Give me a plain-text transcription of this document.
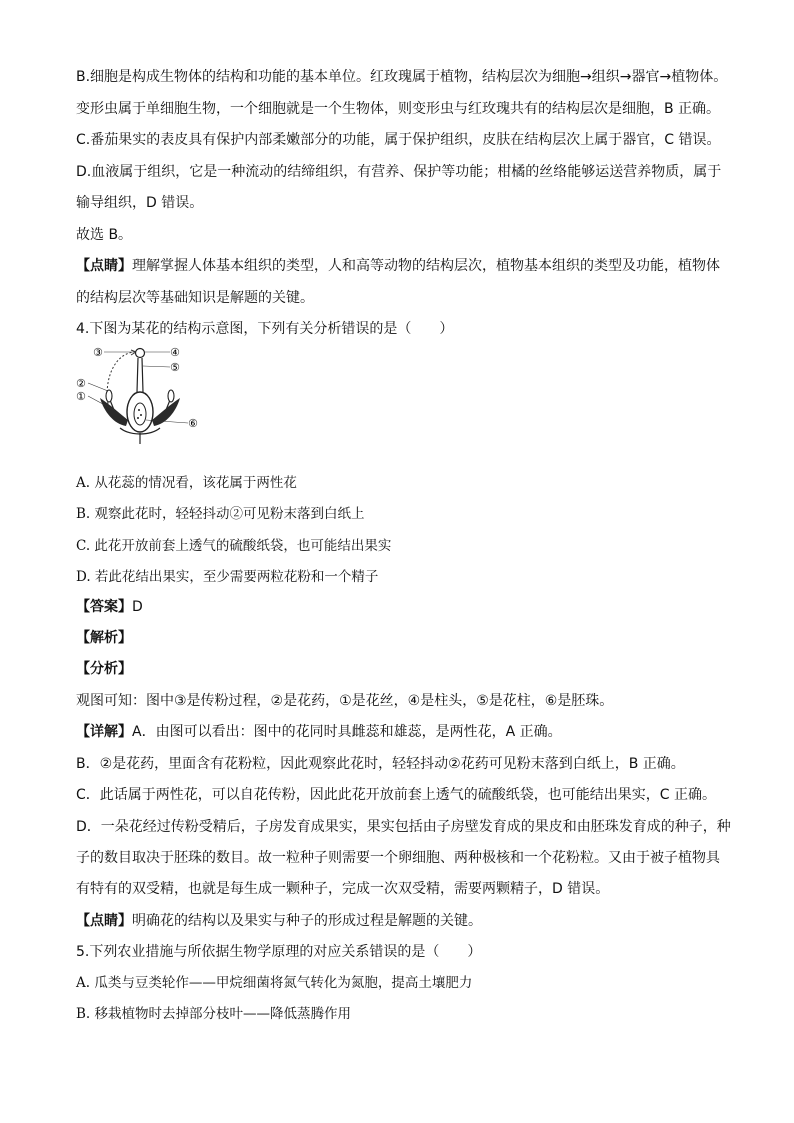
B.细胞是构成生物体的结构和功能的基本单位。红玫瑰属于植物，结构层次为细胞→组织→器官→植物体。
变形虫属于单细胞生物，一个细胞就是一个生物体，则变形虫与红玫瑰共有的结构层次是细胞，B 正确。
C.番茄果实的表皮具有保护内部柔嫩部分的功能，属于保护组织，皮肤在结构层次上属于器官，C 错误。
D.血液属于组织，它是一种流动的结缔组织，有营养、保护等功能；柑橘的丝络能够运送营养物质，属于
输导组织，D 错误。
故选 B。
【点睛】理解掌握人体基本组织的类型，人和高等动物的结构层次，植物基本组织的类型及功能，植物体
的结构层次等基础知识是解题的关键。
4.下图为某花的结构示意图，下列有关分析错误的是（　　）
③	④
⑤
②
①
⑥
A. 从花蕊的情况看，该花属于两性花
B. 观察此花时，轻轻抖动②可见粉末落到白纸上
C. 此花开放前套上透气的硫酸纸袋，也可能结出果实
D. 若此花结出果实，至少需要两粒花粉和一个精子
【答案】D
【解析】
【分析】
观图可知：图中③是传粉过程，②是花药，①是花丝，④是柱头，⑤是花柱，⑥是胚珠。
【详解】A．由图可以看出：图中的花同时具雌蕊和雄蕊，是两性花，A 正确。
B．②是花药，里面含有花粉粒，因此观察此花时，轻轻抖动②花药可见粉末落到白纸上，B 正确。
C．此话属于两性花，可以自花传粉，因此此花开放前套上透气的硫酸纸袋，也可能结出果实，C 正确。
D．一朵花经过传粉受精后，子房发育成果实，果实包括由子房壁发育成的果皮和由胚珠发育成的种子，种
子的数目取决于胚珠的数目。故一粒种子则需要一个卵细胞、两种极核和一个花粉粒。又由于被子植物具
有特有的双受精，也就是每生成一颗种子，完成一次双受精，需要两颗精子，D 错误。
【点睛】明确花的结构以及果实与种子的形成过程是解题的关键。
5.下列农业措施与所依据生物学原理的对应关系错误的是（　　）
A. 瓜类与豆类轮作——甲烷细菌将氮气转化为氮胞，提高土壤肥力
B. 移栽植物时去掉部分枝叶——降低蒸腾作用
